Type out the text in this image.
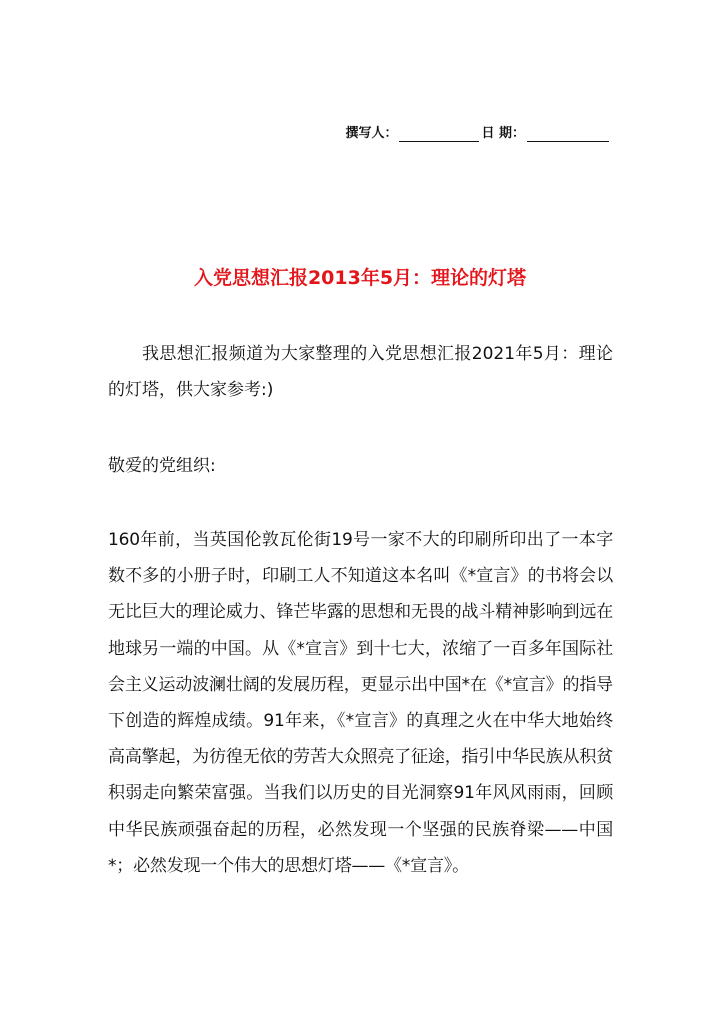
撰写人：	日 期：
入党思想汇报2013年5月：理论的灯塔

我思想汇报频道为大家整理的入党思想汇报2021年5月：理论的灯塔，供大家参考:)

敬爱的党组织:

160年前，当英国伦敦瓦伦街19号一家不大的印刷所印出了一本字数不多的小册子时，印刷工人不知道这本名叫《*宣言》的书将会以无比巨大的理论威力、锋芒毕露的思想和无畏的战斗精神影响到远在地球另一端的中国。从《*宣言》到十七大，浓缩了一百多年国际社会主义运动波澜壮阔的发展历程，更显示出中国*在《*宣言》的指导下创造的辉煌成绩。91年来，《*宣言》的真理之火在中华大地始终高高擎起，为彷徨无依的劳苦大众照亮了征途，指引中华民族从积贫积弱走向繁荣富强。当我们以历史的目光洞察91年风风雨雨，回顾中华民族顽强奋起的历程，必然发现一个坚强的民族脊梁——中国*；必然发现一个伟大的思想灯塔——《*宣言》。
